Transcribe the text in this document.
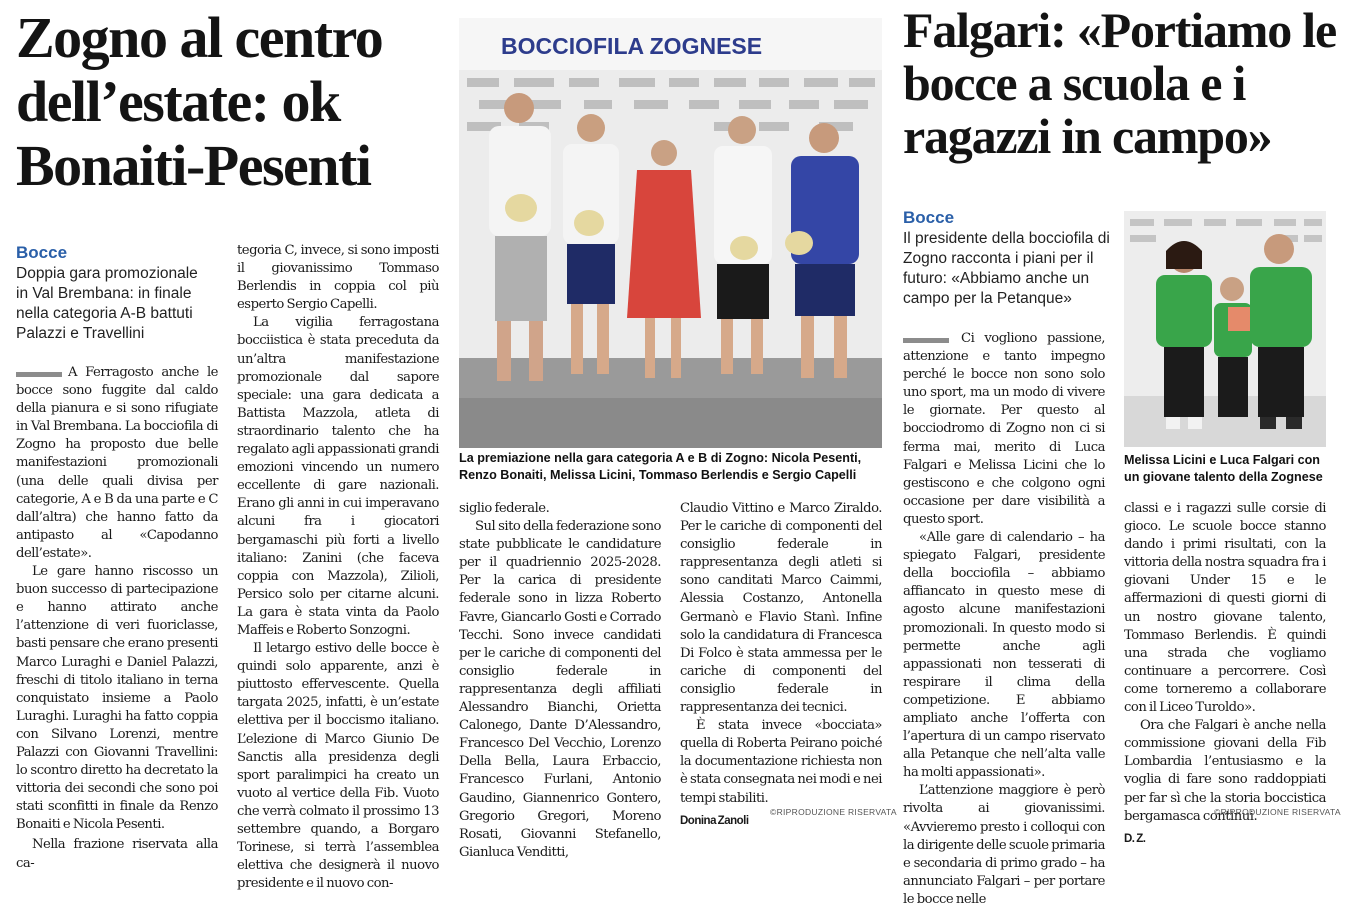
Zogno al centro dell’estate: ok Bonaiti-Pesenti
Bocce
Doppia gara promozionale in Val Brembana: in finale nella categoria A-B battuti Palazzi e Travellini

A Ferragosto anche le bocce sono fuggite dal caldo della pianura e si sono rifugiate in Val Brembana. La bocciofila di Zogno ha proposto due belle manifestazioni promozionali (una delle quali divisa per categorie, A e B da una parte e C dall’altra) che hanno fatto da antipasto al «Capodanno dell’estate».

Le gare hanno riscosso un buon successo di partecipazione e hanno attirato anche l’attenzione di veri fuoriclasse, basti pensare che erano presenti Marco Luraghi e Daniel Palazzi, freschi di titolo italiano in terna conquistato insieme a Paolo Luraghi. Luraghi ha fatto coppia con Silvano Lorenzi, mentre Palazzi con Giovanni Travellini: lo scontro diretto ha decretato la vittoria dei secondi che sono poi stati sconfitti in finale da Renzo Bonaiti e Nicola Pesenti.

Nella frazione riservata alla ca-

tegoria C, invece, si sono imposti il giovanissimo Tommaso Berlendis in coppia col più esperto Sergio Capelli.

La vigilia ferragostana bocciistica è stata preceduta da un’altra manifestazione promozionale dal sapore speciale: una gara dedicata a Battista Mazzola, atleta di straordinario talento che ha regalato agli appassionati grandi emozioni vincendo un numero eccellente di gare nazionali. Erano gli anni in cui imperavano alcuni fra i giocatori bergamaschi più forti a livello italiano: Zanini (che faceva coppia con Mazzola), Zilioli, Persico solo per citarne alcuni. La gara è stata vinta da Paolo Maffeis e Roberto Sonzogni.

Il letargo estivo delle bocce è quindi solo apparente, anzi è piuttosto effervescente. Quella targata 2025, infatti, è un’estate elettiva per il boccismo italiano. L’elezione di Marco Giunio De Sanctis alla presidenza degli sport paralimpici ha creato un vuoto al vertice della Fib. Vuoto che verrà colmato il prossimo 13 settembre quando, a Borgaro Torinese, si terrà l’assemblea elettiva che designerà il nuovo presidente e il nuovo con-

BOCCIOFILA ZOGNESE
La premiazione nella gara categoria A e B di Zogno: Nicola Pesenti, Renzo Bonaiti, Melissa Licini, Tommaso Berlendis e Sergio Capelli

siglio federale.

Sul sito della federazione sono state pubblicate le candidature per il quadriennio 2025-2028. Per la carica di presidente federale sono in lizza Roberto Favre, Giancarlo Gosti e Corrado Tecchi. Sono invece candidati per le cariche di componenti del consiglio federale in rappresentanza degli affiliati Alessandro Bianchi, Orietta Calonego, Dante D’Alessandro, Francesco Del Vecchio, Lorenzo Della Bella, Laura Erbaccio, Francesco Furlani, Antonio Gaudino, Giannenrico Gontero, Gregorio Gregori, Moreno Rosati, Giovanni Stefanello, Gianluca Venditti,

Claudio Vittino e Marco Ziraldo. Per le cariche di componenti del consiglio federale in rappresentanza degli atleti si sono canditati Marco Caimmi, Alessia Costanzo, Antonella Germanò e Flavio Stanì. Infine solo la candidatura di Francesca Di Folco è stata ammessa per le cariche di componenti del consiglio federale in rappresentanza dei tecnici.

È stata invece «bocciata» quella di Roberta Peirano poiché la documentazione richiesta non è stata consegnata nei modi e nei tempi stabiliti.

Donina Zanoli

©RIPRODUZIONE RISERVATA
Falgari: «Portiamo le bocce a scuola e i ragazzi in campo»
Bocce
Il presidente della bocciofila di Zogno racconta i piani per il futuro: «Abbiamo anche un campo per la Petanque»

Ci vogliono passione, attenzione e tanto impegno perché le bocce non sono solo uno sport, ma un modo di vivere le giornate. Per questo al bocciodromo di Zogno non ci si ferma mai, merito di Luca Falgari e Melissa Licini che lo gestiscono e che colgono ogni occasione per dare visibilità a questo sport.

«Alle gare di calendario – ha spiegato Falgari, presidente della bocciofila – abbiamo affiancato in questo mese di agosto alcune manifestazioni promozionali. In questo modo si permette anche agli appassionati non tesserati di respirare il clima della competizione. E abbiamo ampliato anche l’offerta con l’apertura di un campo riservato alla Petanque che nell’alta valle ha molti appassionati».

L’attenzione maggiore è però rivolta ai giovanissimi. «Avvieremo presto i colloqui con la dirigente delle scuole primaria e secondaria di primo grado – ha annunciato Falgari – per portare le bocce nelle

Melissa Licini e Luca Falgari con un giovane talento della Zognese

classi e i ragazzi sulle corsie di gioco. Le scuole bocce stanno dando i primi risultati, con la vittoria della nostra squadra fra i giovani Under 15 e le affermazioni di questi giorni di un nostro giovane talento, Tommaso Berlendis. È quindi una strada che vogliamo continuare a percorrere. Così come torneremo a collaborare con il Liceo Turoldo».

Ora che Falgari è anche nella commissione giovani della Fib Lombardia l’entusiasmo e la voglia di fare sono raddoppiati per far sì che la storia boccistica bergamasca continui.

D. Z.

©RIPRODUZIONE RISERVATA
